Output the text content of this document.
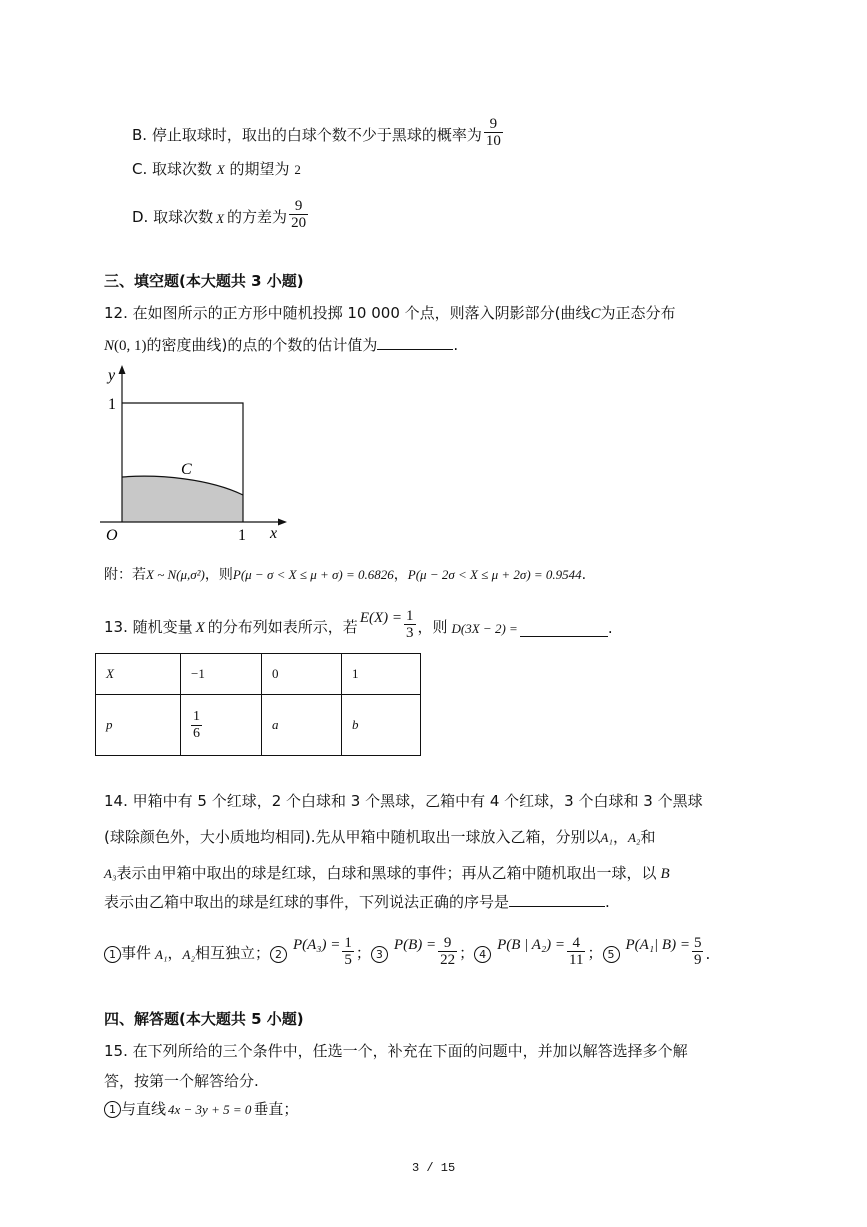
B. 停止取球时，取出的白球个数不少于黑球的概率为 $\frac{9}{10}$
C. 取球次数 X 的期望为 2
D. 取球次数 X 的方差为 $\frac{9}{20}$
三、填空题(本大题共 3 小题)
12. 在如图所示的正方形中随机投掷 10 000 个点，则落入阴影部分(曲线C为正态分布
N(0, 1)的密度曲线)的点的个数的估计值为	.
y
x
O
1
1
C
附：若X ~ N(μ,σ²)，则P(μ − σ < X ≤ μ + σ) = 0.6826，P(μ − 2σ < X ≤ μ + 2σ) = 0.9544.
13. 随机变量 X 的分布列如表所示，若 $E(X) = \frac{1}{3}$ ，则 D(3X − 2) =	.
X	−1	0	1
p	$\frac{1}{6}$	a	b
14. 甲箱中有 5 个红球，2 个白球和 3 个黑球，乙箱中有 4 个红球，3 个白球和 3 个黑球
(球除颜色外，大小质地均相同).先从甲箱中随机取出一球放入乙箱，分别以A₁，A₂和
A₃表示由甲箱中取出的球是红球，白球和黑球的事件；再从乙箱中随机取出一球，以 B
表示由乙箱中取出的球是红球的事件，下列说法正确的序号是	.
1 事件 A₁ ， A₂ 相互独立； 2
$P(A_3) = \frac{1}{5}$ ； 3
$P(B) = \frac{9}{22}$ ； 4
P(B | $A_2) = \frac{4}{11}$ ； 5
P(A₁| $B) = \frac{5}{9}$ .
四、解答题(本大题共 5 小题)
15. 在下列所给的三个条件中，任选一个，补充在下面的问题中，并加以解答选择多个解
答，按第一个解答给分.
1 与直线 4x − 3y + 5 = 0 垂直；
3 / 15
